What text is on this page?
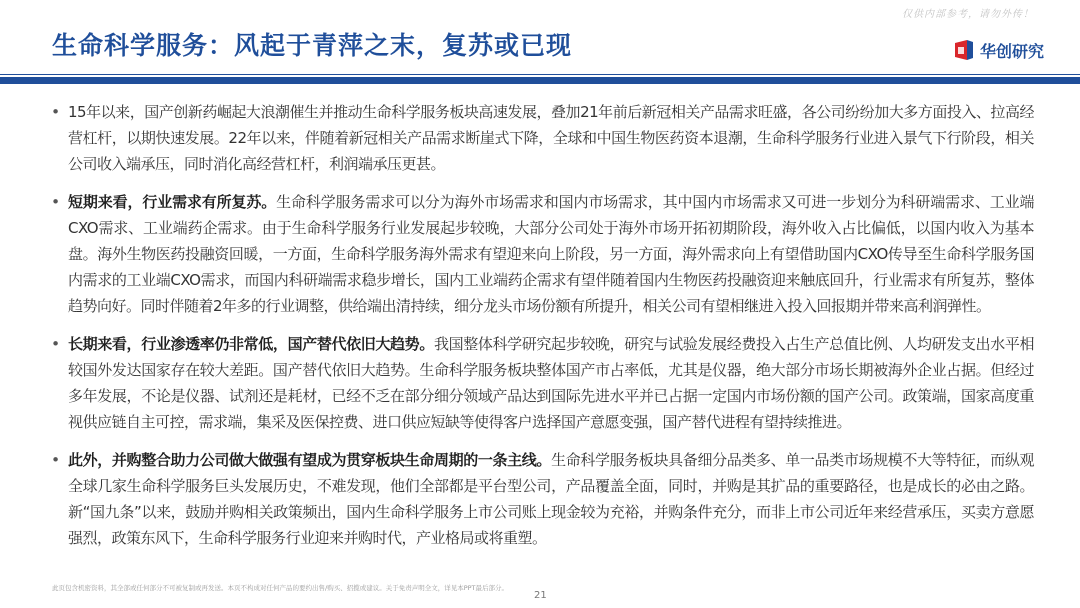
仅供内部参考，请勿外传！
生命科学服务：风起于青萍之末，复苏或已现	华创研究
• 15年以来，国产创新药崛起大浪潮催生并推动生命科学服务板块高速发展，叠加21年前后新冠相关产品需求旺盛，各公司纷纷加大多方面投入、拉高经营杠杆，以期快速发展。22年以来，伴随着新冠相关产品需求断崖式下降，全球和中国生物医药资本退潮，生命科学服务行业进入景气下行阶段，相关公司收入端承压，同时消化高经营杠杆，利润端承压更甚。
• 短期来看，行业需求有所复苏。生命科学服务需求可以分为海外市场需求和国内市场需求，其中国内市场需求又可进一步划分为科研端需求、工业端CXO需求、工业端药企需求。由于生命科学服务行业发展起步较晚，大部分公司处于海外市场开拓初期阶段，海外收入占比偏低，以国内收入为基本盘。海外生物医药投融资回暖，一方面，生命科学服务海外需求有望迎来向上阶段，另一方面，海外需求向上有望借助国内CXO传导至生命科学服务国内需求的工业端CXO需求，而国内科研端需求稳步增长，国内工业端药企需求有望伴随着国内生物医药投融资迎来触底回升，行业需求有所复苏，整体趋势向好。同时伴随着2年多的行业调整，供给端出清持续，细分龙头市场份额有所提升，相关公司有望相继进入投入回报期并带来高利润弹性。
• 长期来看，行业渗透率仍非常低，国产替代依旧大趋势。我国整体科学研究起步较晚，研究与试验发展经费投入占生产总值比例、人均研发支出水平相较国外发达国家存在较大差距。国产替代依旧大趋势。生命科学服务板块整体国产市占率低，尤其是仪器，绝大部分市场长期被海外企业占据。但经过多年发展，不论是仪器、试剂还是耗材，已经不乏在部分细分领域产品达到国际先进水平并已占据一定国内市场份额的国产公司。政策端，国家高度重视供应链自主可控，需求端，集采及医保控费、进口供应短缺等使得客户选择国产意愿变强，国产替代进程有望持续推进。
• 此外，并购整合助力公司做大做强有望成为贯穿板块生命周期的一条主线。生命科学服务板块具备细分品类多、单一品类市场规模不大等特征，而纵观全球几家生命科学服务巨头发展历史，不难发现，他们全部都是平台型公司，产品覆盖全面，同时，并购是其扩品的重要路径，也是成长的必由之路。新“国九条”以来，鼓励并购相关政策频出，国内生命科学服务上市公司账上现金较为充裕，并购条件充分，而非上市公司近年来经营承压，买卖方意愿强烈，政策东风下，生命科学服务行业迎来并购时代，产业格局或将重塑。
此页包含机密资料，其全部或任何部分不可被复制或再发送。本页不构成对任何产品的要约出售/购买、招揽或建议。关于免责声明全文，详见本PPT最后部分。
21
